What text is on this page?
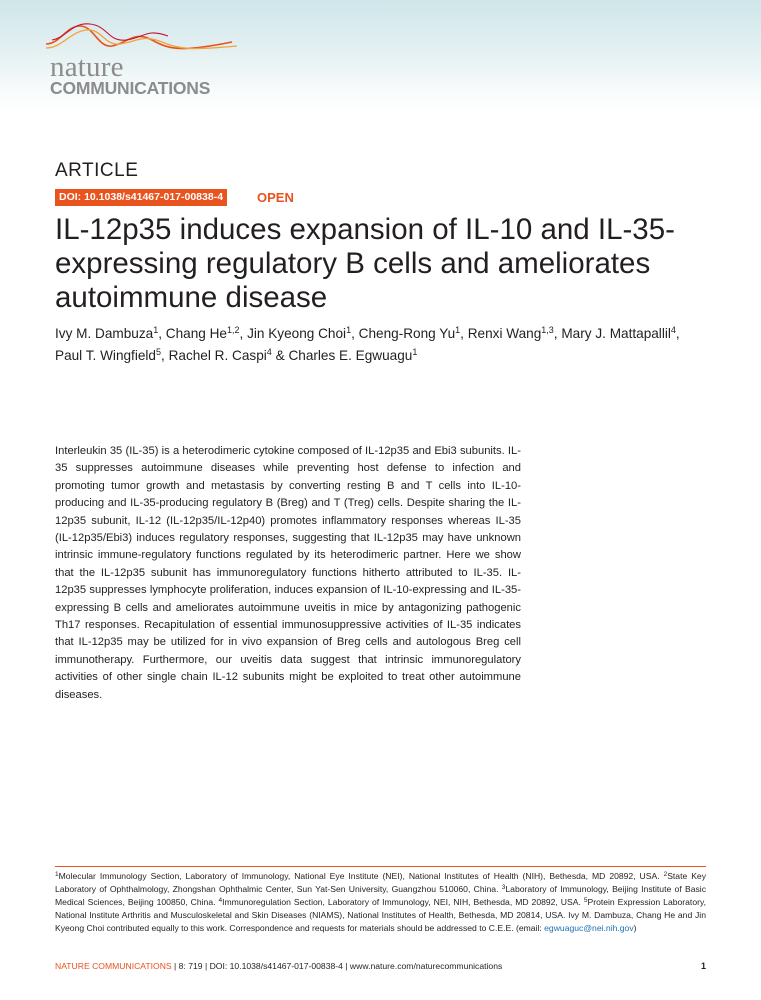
nature
COMMUNICATIONS
ARTICLE
DOI: 10.1038/s41467-017-00838-4	OPEN
IL-12p35 induces expansion of IL-10 and IL-35-expressing regulatory B cells and ameliorates autoimmune disease
Ivy M. Dambuza$^1$, Chang He$^{1,2}$, Jin Kyeong Choi$^1$, Cheng-Rong Yu$^1$, Renxi Wang$^{1,3}$, Mary J. Mattapallil$^4$, Paul T. Wingfield$^5$, Rachel R. Caspi$^4$ & Charles E. Egwuagu$^1$

Interleukin 35 (IL-35) is a heterodimeric cytokine composed of IL-12p35 and Ebi3 subunits. IL-35 suppresses autoimmune diseases while preventing host defense to infection and promoting tumor growth and metastasis by converting resting B and T cells into IL-10-producing and IL-35-producing regulatory B (Breg) and T (Treg) cells. Despite sharing the IL-12p35 subunit, IL-12 (IL-12p35/IL-12p40) promotes inflammatory responses whereas IL-35 (IL-12p35/Ebi3) induces regulatory responses, suggesting that IL-12p35 may have unknown intrinsic immune-regulatory functions regulated by its heterodimeric partner. Here we show that the IL-12p35 subunit has immunoregulatory functions hitherto attributed to IL-35. IL-12p35 suppresses lymphocyte proliferation, induces expansion of IL-10-expressing and IL-35-expressing B cells and ameliorates autoimmune uveitis in mice by antagonizing pathogenic Th17 responses. Recapitulation of essential immunosuppressive activities of IL-35 indicates that IL-12p35 may be utilized for in vivo expansion of Breg cells and autologous Breg cell immunotherapy. Furthermore, our uveitis data suggest that intrinsic immunoregulatory activities of other single chain IL-12 subunits might be exploited to treat other autoimmune diseases.

$^1$Molecular Immunology Section, Laboratory of Immunology, National Eye Institute (NEI), National Institutes of Health (NIH), Bethesda, MD 20892, USA. $^2$State Key Laboratory of Ophthalmology, Zhongshan Ophthalmic Center, Sun Yat-Sen University, Guangzhou 510060, China. $^3$Laboratory of Immunology, Beijing Institute of Basic Medical Sciences, Beijing 100850, China. $^4$Immunoregulation Section, Laboratory of Immunology, NEI, NIH, Bethesda, MD 20892, USA. $^5$Protein Expression Laboratory, National Institute Arthritis and Musculoskeletal and Skin Diseases (NIAMS), National Institutes of Health, Bethesda, MD 20814, USA. Ivy M. Dambuza, Chang He and Jin Kyeong Choi contributed equally to this work. Correspondence and requests for materials should be addressed to C.E.E. (email: egwuaguc@nei.nih.gov)

NATURE COMMUNICATIONS | 8: 719 | DOI: 10.1038/s41467-017-00838-4 | www.nature.com/naturecommunications	1
